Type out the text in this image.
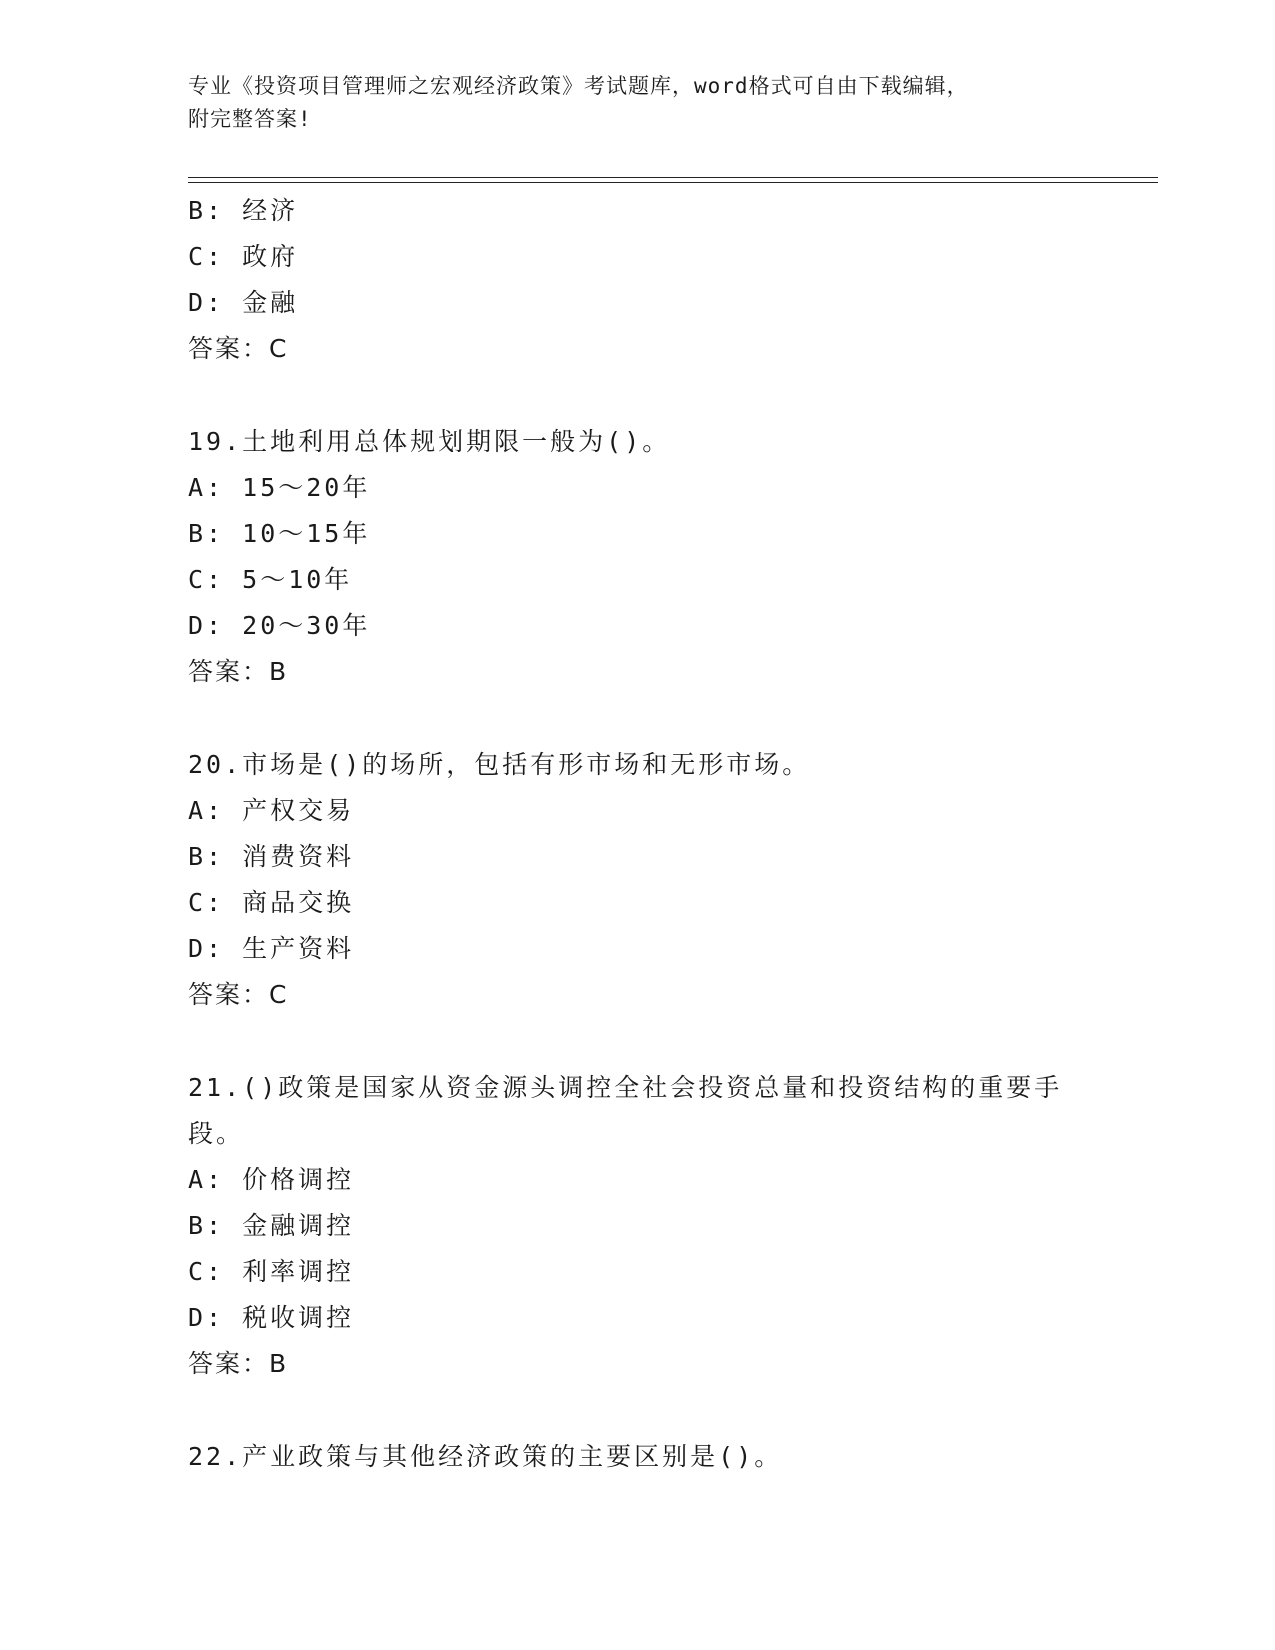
专业《投资项目管理师之宏观经济政策》考试题库，word格式可自由下载编辑，
附完整答案!
B: 经济
C: 政府
D: 金融
答案：C
19.土地利用总体规划期限一般为()。
A: 15～20年
B: 10～15年
C: 5～10年
D: 20～30年
答案：B
20.市场是()的场所，包括有形市场和无形市场。
A: 产权交易
B: 消费资料
C: 商品交换
D: 生产资料
答案：C
21.()政策是国家从资金源头调控全社会投资总量和投资结构的重要手
段。
A: 价格调控
B: 金融调控
C: 利率调控
D: 税收调控
答案：B
22.产业政策与其他经济政策的主要区别是()。
